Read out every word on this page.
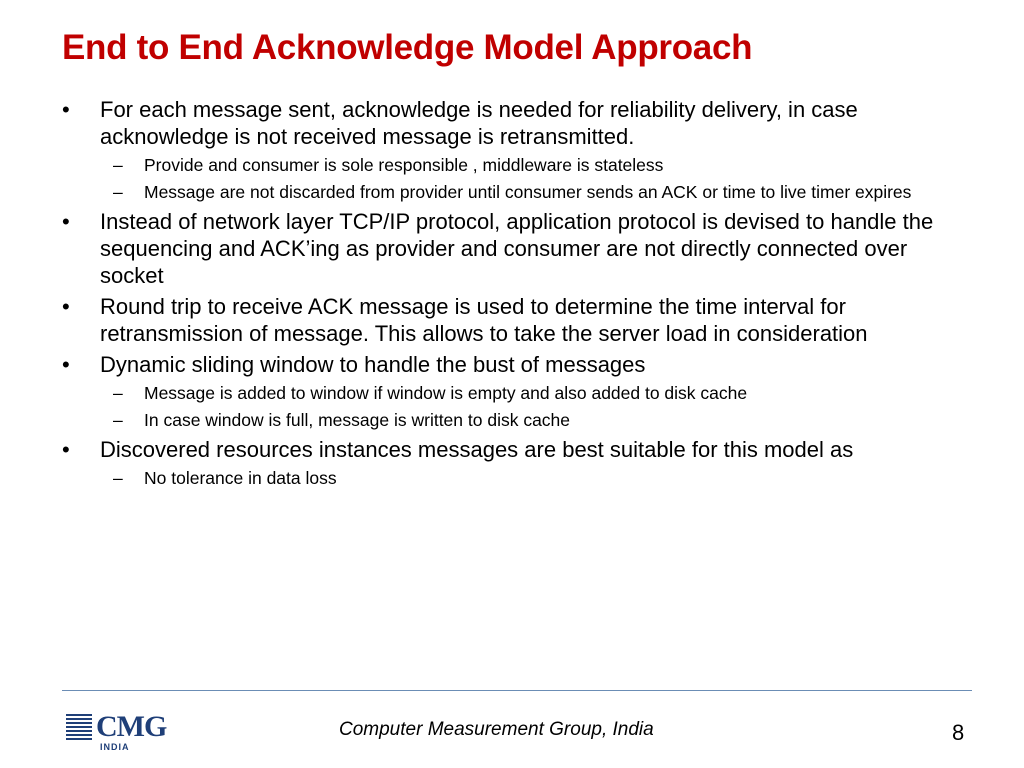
End to End Acknowledge Model Approach
•	For each message sent, acknowledge is needed for reliability delivery, in case acknowledge is not received message is retransmitted.
– Provide and consumer is sole responsible , middleware is stateless
– Message are not discarded from provider until consumer sends an ACK or time to live timer expires
•	Instead of network layer TCP/IP protocol, application protocol is devised to handle the sequencing and ACK’ing as provider and consumer are not directly connected over socket
•	Round trip to receive ACK message is used to determine the time interval for retransmission of message. This allows to take the server load in consideration
•	Dynamic sliding window to handle the bust of messages
– Message is added to window if window is empty and also added to disk cache
– In case window is full, message is written to disk cache
•	Discovered resources instances messages are best suitable for this model as
– No tolerance in data loss
CMG
INDIA
Computer Measurement Group, India	8
